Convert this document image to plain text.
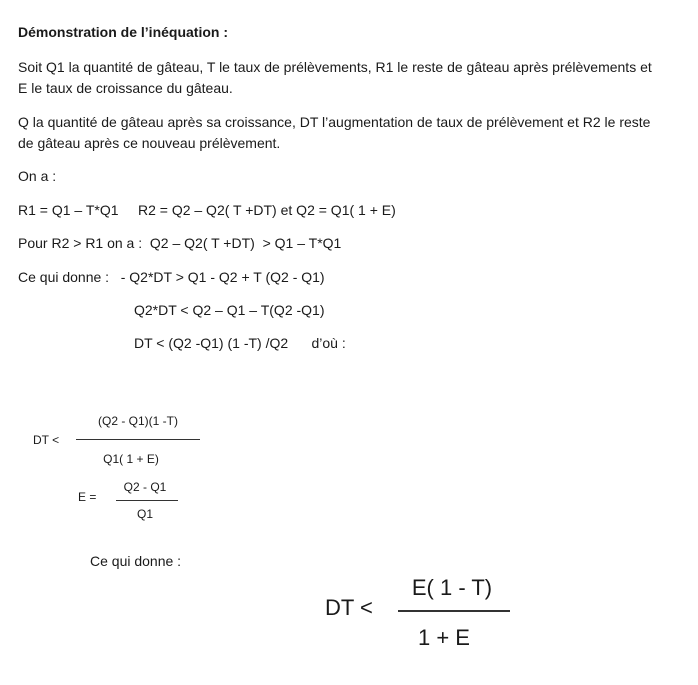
Démonstration de l’inéquation :
Soit Q1 la quantité de gâteau, T le taux de prélèvements, R1 le reste de gâteau après prélèvements et
E le taux de croissance du gâteau.
Q la quantité de gâteau après sa croissance, DT l’augmentation de taux de prélèvement et R2 le reste
de gâteau après ce nouveau prélèvement.
On a :
R1 = Q1 – T*Q1     R2 = Q2 – Q2( T +DT) et Q2 = Q1( 1 + E)
Pour R2 > R1 on a :  Q2 – Q2( T +DT)  > Q1 – T*Q1
Ce qui donne :   - Q2*DT > Q1 - Q2 + T (Q2 - Q1)
Q2*DT < Q2 – Q1 – T(Q2 -Q1)
DT < (Q2 -Q1) (1 -T) /Q2      d’où :
DT <
(Q2 - Q1)(1 -T)
Q1( 1 + E)
E =
Q2 - Q1
Q1
Ce qui donne :
DT <
E( 1 - T)
1 + E
